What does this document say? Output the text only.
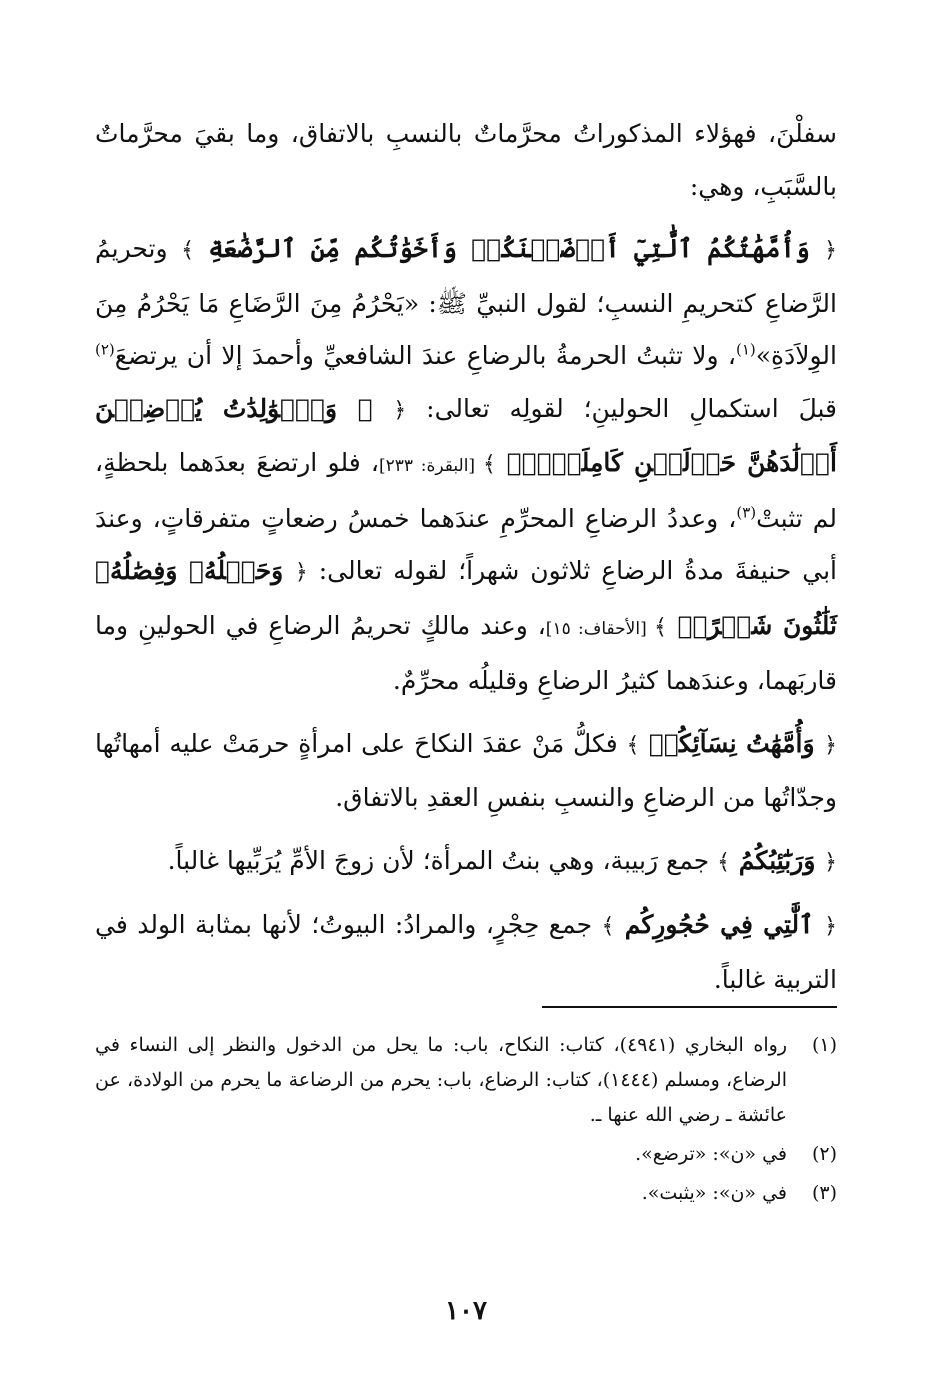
سفلْنَ، فهؤلاء المذكوراتُ محرَّماتٌ بالنسبِ بالاتفاق، وما بقيَ محرَّماتٌ بالسَّبَبِ، وهي:

﴿ وَأُمَّهَٰتُكُمُ ٱلَّٰتِيٓ أَرۡضَعۡنَكُمۡ وَأَخَوَٰتُكُم مِّنَ ٱلرَّضَٰعَةِ ﴾ وتحريمُ الرَّضاعِ كتحريمِ النسبِ؛ لقول النبيِّ ﷺ: «يَحْرُمُ مِنَ الرَّضَاعِ مَا يَحْرُمُ مِنَ الوِلاَدَةِ»$^{(١)}$، ولا تثبتُ الحرمةُ بالرضاعِ عندَ الشافعيِّ وأحمدَ إلا أن يرتضعَ$^{(٢)}$ قبلَ استكمالِ الحولينِ؛ لقولِه تعالى: ﴿ ۞ وَٱلۡوَٰلِدَٰتُ يُرۡضِعۡنَ أَوۡلَٰدَهُنَّ حَوۡلَيۡنِ كَامِلَيۡنِۖ ﴾ [البقرة: ٢٣٣]، فلو ارتضعَ بعدَهما بلحظةٍ، لم تثبتْ$^{(٣)}$، وعددُ الرضاعِ المحرِّمِ عندَهما خمسُ رضعاتٍ متفرقاتٍ، وعندَ أبي حنيفةَ مدةُ الرضاعِ ثلاثون شهراً؛ لقوله تعالى: ﴿ وَحَمۡلُهُۥ وَفِصَٰلُهُۥ ثَلَٰثُونَ شَهۡرًاۚ ﴾ [الأحقاف: ١٥]، وعند مالكٍ تحريمُ الرضاعِ في الحولينِ وما قاربَهما، وعندَهما كثيرُ الرضاعِ وقليلُه محرِّمٌ.

﴿ وَأُمَّهَٰتُ نِسَآئِكُمۡ ﴾ فكلُّ مَنْ عقدَ النكاحَ على امرأةٍ حرمَتْ عليه أمهاتُها وجدّاتُها من الرضاعِ والنسبِ بنفسِ العقدِ بالاتفاق.

﴿ وَرَبَٰٓئِبُكُمُ ﴾ جمع رَبيبة، وهي بنتُ المرأة؛ لأن زوجَ الأمِّ يُرَبِّيها غالباً.

﴿ ٱلَّٰتِي فِي حُجُورِكُم ﴾ جمع حِجْرٍ، والمرادُ: البيوتُ؛ لأنها بمثابة الولد في التربية غالباً.

(١)
رواه البخاري (٤٩٤١)، كتاب: النكاح، باب: ما يحل من الدخول والنظر إلى النساء في الرضاع، ومسلم (١٤٤٤)، كتاب: الرضاع، باب: يحرم من الرضاعة ما يحرم من الولادة، عن عائشة ـ رضي الله عنها ـ.
(٢)
في «ن»: «ترضع».
(٣)
في «ن»: «يثبت».
١٠٧
